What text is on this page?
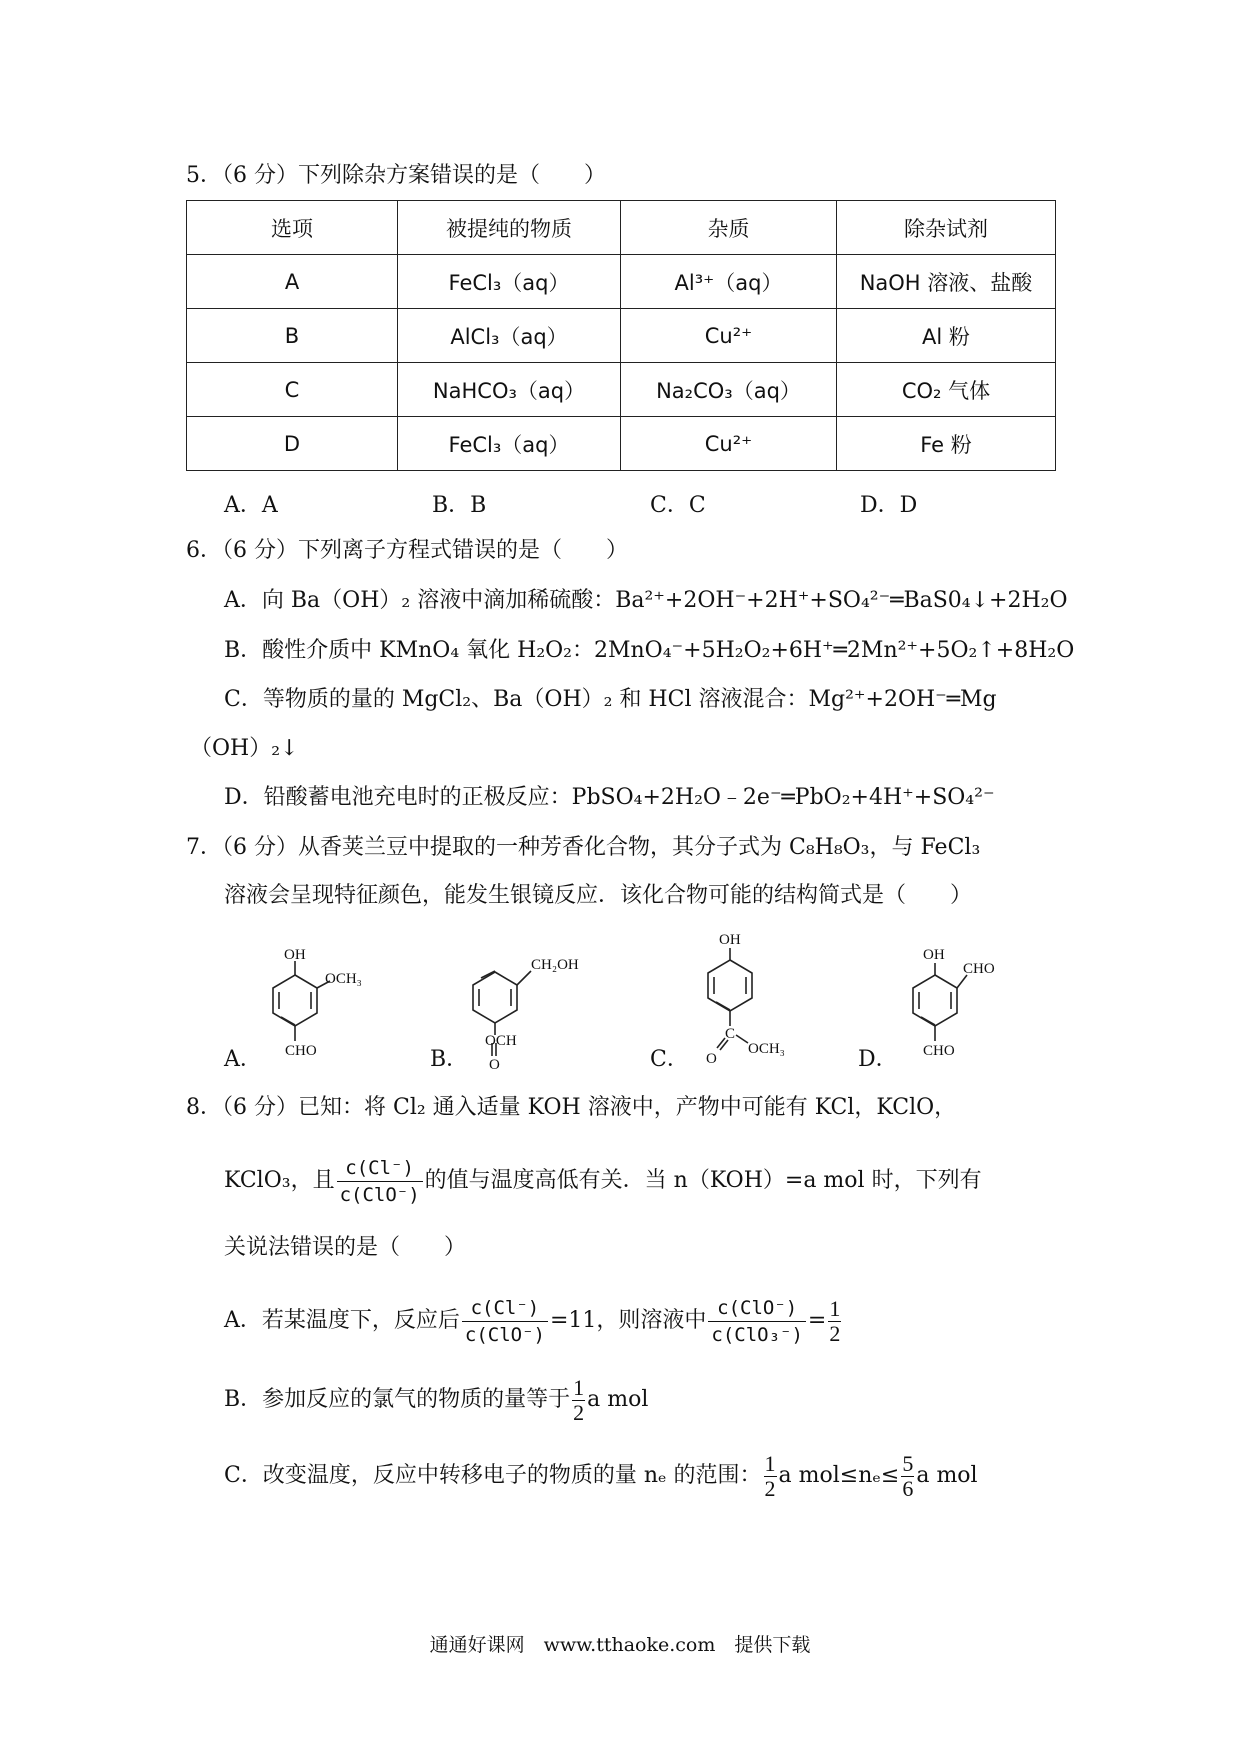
5．（6 分）下列除杂方案错误的是（　　）
选项	被提纯的物质	杂质	除杂试剂
A	FeCl₃（aq）	Al³⁺（aq）	NaOH 溶液、盐酸
B	AlCl₃（aq）	Cu²⁺	Al 粉
C	NaHCO₃（aq）	Na₂CO₃（aq）	CO₂ 气体
D	FeCl₃（aq）	Cu²⁺	Fe 粉
A．A	B．B	C．C	D．D
6．（6 分）下列离子方程式错误的是（　　）
A．向 Ba（OH）₂ 溶液中滴加稀硫酸：Ba²⁺+2OH⁻+2H⁺+SO₄²⁻═BaS0₄↓+2H₂O
B．酸性介质中 KMnO₄ 氧化 H₂O₂：2MnO₄⁻+5H₂O₂+6H⁺═2Mn²⁺+5O₂↑+8H₂O
C．等物质的量的 MgCl₂、Ba（OH）₂ 和 HCl 溶液混合：Mg²⁺+2OH⁻═Mg
（OH）₂↓
D．铅酸蓄电池充电时的正极反应：PbSO₄+2H₂O﹣2e⁻═PbO₂+4H⁺+SO₄²⁻
7．（6 分）从香荚兰豆中提取的一种芳香化合物，其分子式为 C₈H₈O₃，与 FeCl₃
溶液会呈现特征颜色，能发生银镜反应．该化合物可能的结构简式是（　　）
A．
OH
OCH₃
CHO	B．
CH₂OH
OCH
O	C．
OH
C
O
OCH₃	D．
OH
CHO
CHO
8．（6 分）已知：将 Cl₂ 通入适量 KOH 溶液中，产物中可能有 KCl，KClO，
KClO₃，且 $\frac{c(Cl^-)}{\text{c(ClO⁻)}}$ 的值与温度高低有关．当 n（KOH）=a mol 时，下列有
关说法错误的是（　　）
A．若某温度下，反应后 $\frac{c(Cl^-)}{\text{c(ClO⁻)}} =11$，则溶液中 $\frac{\text{c(ClO⁻)}}{\text{c(ClO₃⁻)}} = \frac{1}{2}$
B．参加反应的氯气的物质的量等于 $\frac{1}{2}$ a mol
C．改变温度，反应中转移电子的物质的量 nₑ 的范围： $\frac{1}{2}$ a $mol\le n_e\le \frac{5}{6}$ a mol
通通好课网　www.tthaoke.com　提供下载
